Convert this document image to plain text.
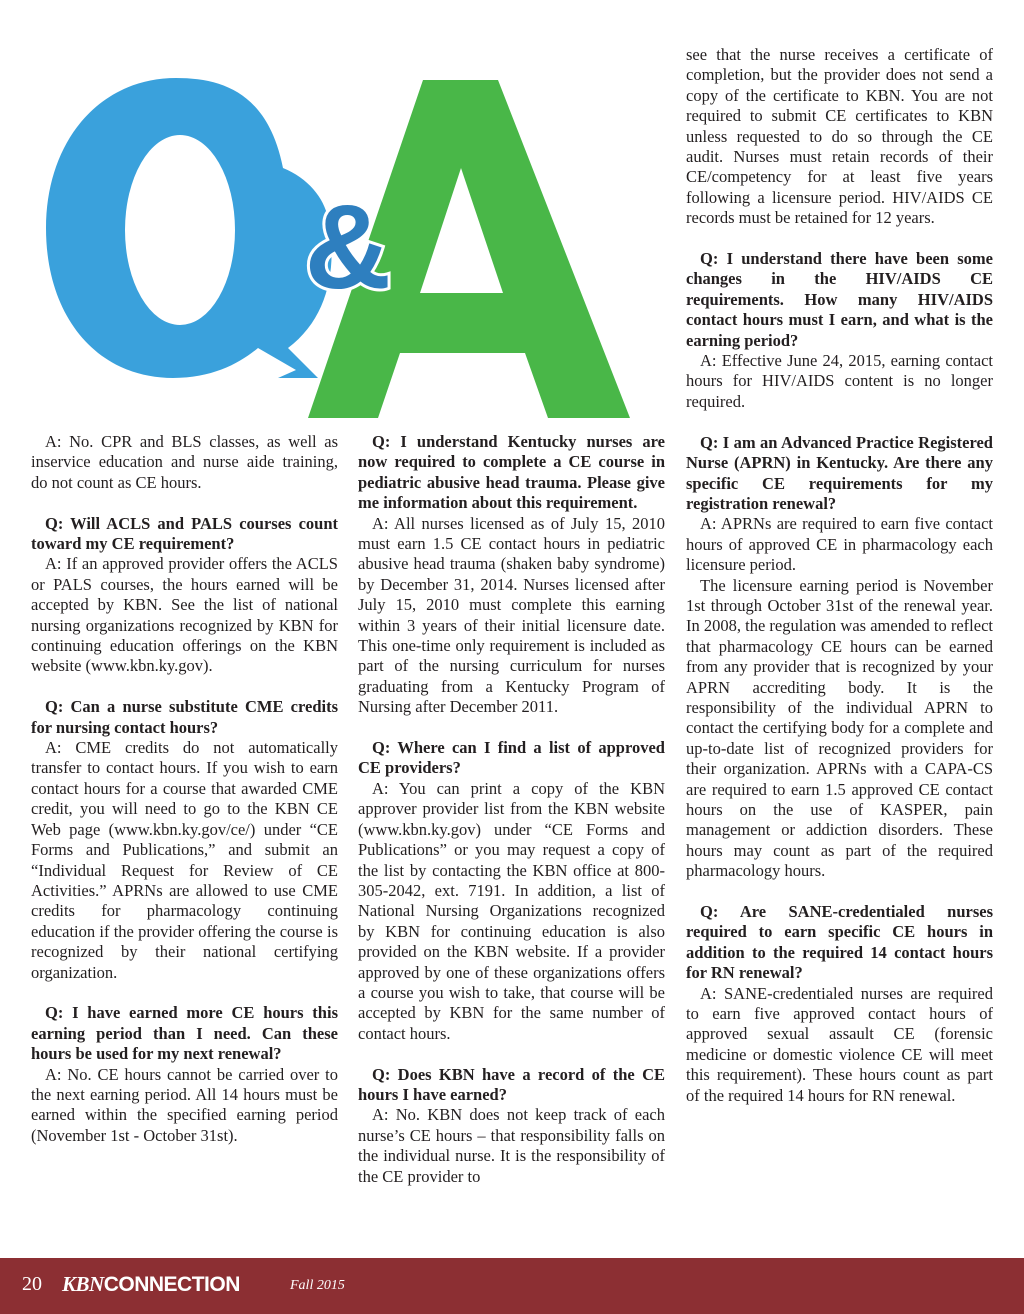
&

A: No. CPR and BLS classes, as well as inservice education and nurse aide training, do not count as CE hours.

Q: Will ACLS and PALS courses count toward my CE requirement?

A: If an approved provider offers the ACLS or PALS courses, the hours earned will be accepted by KBN. See the list of national nursing organizations recognized by KBN for continuing education offerings on the KBN website (www.kbn.ky.gov).

Q: Can a nurse substitute CME credits for nursing contact hours?

A: CME credits do not automatically transfer to contact hours. If you wish to earn contact hours for a course that awarded CME credit, you will need to go to the KBN CE Web page (www.kbn.ky.gov/ce/) under “CE Forms and Publications,” and submit an “Individual Request for Review of CE Activities.” APRNs are allowed to use CME credits for pharmacology continuing education if the provider offering the course is recognized by their national certifying organization.

Q: I have earned more CE hours this earning period than I need. Can these hours be used for my next renewal?

A: No. CE hours cannot be carried over to the next earning period. All 14 hours must be earned within the specified earning period (November 1st - October 31st).

Q: I understand Kentucky nurses are now required to complete a CE course in pediatric abusive head trauma. Please give me information about this requirement.

A: All nurses licensed as of July 15, 2010 must earn 1.5 CE contact hours in pediatric abusive head trauma (shaken baby syndrome) by December 31, 2014. Nurses licensed after July 15, 2010 must complete this earning within 3 years of their initial licensure date. This one-time only requirement is included as part of the nursing curriculum for nurses graduating from a Kentucky Program of Nursing after December 2011.

Q: Where can I find a list of approved CE providers?

A: You can print a copy of the KBN approver provider list from the KBN website (www.kbn.ky.gov) under “CE Forms and Publications” or you may request a copy of the list by contacting the KBN office at 800-305-2042, ext. 7191. In addition, a list of National Nursing Organizations recognized by KBN for continuing education is also provided on the KBN website. If a provider approved by one of these organizations offers a course you wish to take, that course will be accepted by KBN for the same number of contact hours.

Q: Does KBN have a record of the CE hours I have earned?

A: No. KBN does not keep track of each nurse’s CE hours – that responsibility falls on the individual nurse. It is the responsibility of the CE provider to

see that the nurse receives a certificate of completion, but the provider does not send a copy of the certificate to KBN. You are not required to submit CE certificates to KBN unless requested to do so through the CE audit. Nurses must retain records of their CE/competency for at least five years following a licensure period. HIV/AIDS CE records must be retained for 12 years.

Q: I understand there have been some changes in the HIV/AIDS CE requirements. How many HIV/AIDS contact hours must I earn, and what is the earning period?

A: Effective June 24, 2015, earning contact hours for HIV/AIDS content is no longer required.

Q: I am an Advanced Practice Registered Nurse (APRN) in Kentucky. Are there any specific CE requirements for my registration renewal?

A: APRNs are required to earn five contact hours of approved CE in pharmacology each licensure period.

The licensure earning period is November 1st through October 31st of the renewal year. In 2008, the regulation was amended to reflect that pharmacology CE hours can be earned from any provider that is recognized by your APRN accrediting body. It is the responsibility of the individual APRN to contact the certifying body for a complete and up-to-date list of recognized providers for their organization. APRNs with a CAPA-CS are required to earn 1.5 approved CE contact hours on the use of KASPER, pain management or addiction disorders. These hours may count as part of the required pharmacology hours.

Q: Are SANE-credentialed nurses required to earn specific CE hours in addition to the required 14 contact hours for RN renewal?

A: SANE-credentialed nurses are required to earn five approved contact hours of approved sexual assault CE (forensic medicine or domestic violence CE will meet this requirement). These hours count as part of the required 14 hours for RN renewal.

20 KBNCONNECTION	Fall 2015
